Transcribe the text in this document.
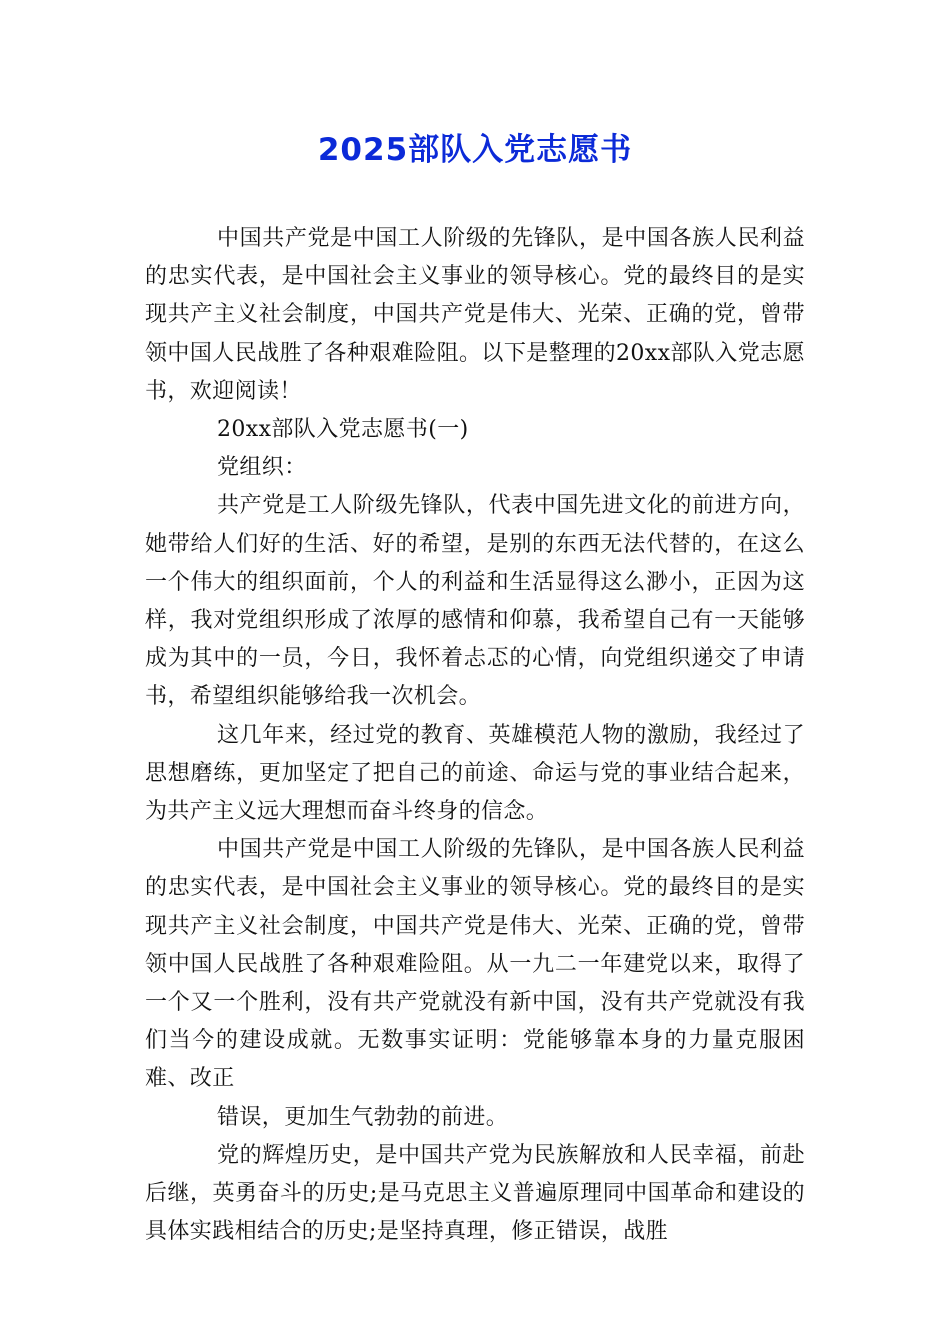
2025部队入党志愿书

中国共产党是中国工人阶级的先锋队，是中国各族人民利益的忠实代表，是中国社会主义事业的领导核心。党的最终目的是实现共产主义社会制度，中国共产党是伟大、光荣、正确的党，曾带领中国人民战胜了各种艰难险阻。以下是整理的20xx部队入党志愿书，欢迎阅读！

20xx部队入党志愿书(一)

党组织：

共产党是工人阶级先锋队，代表中国先进文化的前进方向，她带给人们好的生活、好的希望，是别的东西无法代替的，在这么一个伟大的组织面前，个人的利益和生活显得这么渺小，正因为这样，我对党组织形成了浓厚的感情和仰慕，我希望自己有一天能够成为其中的一员，今日，我怀着忐忑的心情，向党组织递交了申请书，希望组织能够给我一次机会。

这几年来，经过党的教育、英雄模范人物的激励，我经过了思想磨练，更加坚定了把自己的前途、命运与党的事业结合起来，为共产主义远大理想而奋斗终身的信念。

中国共产党是中国工人阶级的先锋队，是中国各族人民利益的忠实代表，是中国社会主义事业的领导核心。党的最终目的是实现共产主义社会制度，中国共产党是伟大、光荣、正确的党，曾带领中国人民战胜了各种艰难险阻。从一九二一年建党以来，取得了一个又一个胜利，没有共产党就没有新中国，没有共产党就没有我们当今的建设成就。无数事实证明：党能够靠本身的力量克服困难、改正

错误，更加生气勃勃的前进。

党的辉煌历史，是中国共产党为民族解放和人民幸福，前赴后继，英勇奋斗的历史;是马克思主义普遍原理同中国革命和建设的具体实践相结合的历史;是坚持真理，修正错误，战胜
